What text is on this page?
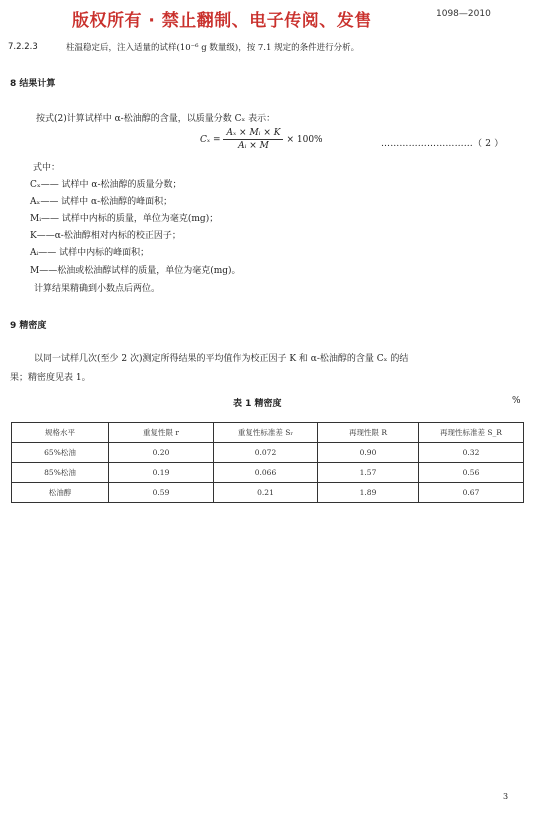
版权所有 · 禁止翻制、电子传阅、发售	1098—2010
7.2.2.3	柱温稳定后，注入适量的试样(10⁻⁶ g 数量级)，按 7.1 规定的条件进行分析。
8 结果计算
按式(2)计算试样中 α-松油醇的含量，以质量分数 Cₓ 表示：
$C_x = \frac{\text{Aₓ × Mᵢ × K}}{\text{Aᵢ × M}} \times 100\%$	…………………………（ 2 ）
式中：
Cₓ—— 试样中 α-松油醇的质量分数；
Aₓ—— 试样中 α-松油醇的峰面积；
Mᵢ—— 试样中内标的质量，单位为毫克(mg)；
K——α-松油醇相对内标的校正因子；
Aᵢ—— 试样中内标的峰面积；
M——松油或松油醇试样的质量，单位为毫克(mg)。
计算结果精确到小数点后两位。
9 精密度
以同一试样几次(至少 2 次)测定所得结果的平均值作为校正因子 K 和 α-松油醇的含量 Cₓ 的结
果；精密度见表 1。
表 1 精密度	%
规格水平	重复性限 r	重复性标准差 Sᵣ	再现性限 R	再现性标准差 S_R
65%松油	0.20	0.072	0.90	0.32
85%松油	0.19	0.066	1.57	0.56
松油醇	0.59	0.21	1.89	0.67
3
